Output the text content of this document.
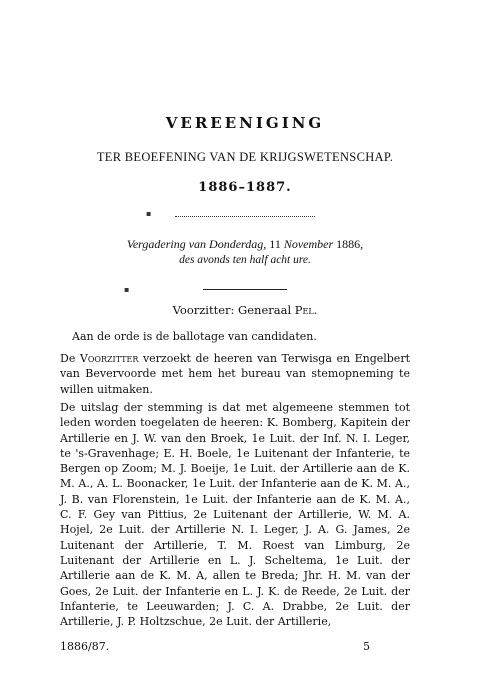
VEREENIGING
TER BEOEFENING VAN DE KRIJGSWETENSCHAP.
1886–1887.
▪
Vergadering van Donderdag, 11 November 1886,
des avonds ten half acht ure.
▪
Voorzitter: Generaal Pel.
Aan de orde is de ballotage van candidaten.
De Voorzitter verzoekt de heeren van Terwisga en Engelbert van Bevervoorde met hem het bureau van stemopneming te willen uitmaken.
De uitslag der stemming is dat met algemeene stemmen tot leden worden toegelaten de heeren: K. Bomberg, Kapitein der Artillerie en J. W. van den Broek, 1e Luit. der Inf. N. I. Leger, te 's-Gravenhage; E. H. Boele, 1e Luitenant der Infanterie, te Bergen op Zoom; M. J. Boeije, 1e Luit. der Artillerie aan de K. M. A., A. L. Boonacker, 1e Luit. der Infanterie aan de K. M. A., J. B. van Florenstein, 1e Luit. der Infanterie aan de K. M. A., C. F. Gey van Pittius, 2e Luitenant der Artillerie, W. M. A. Hojel, 2e Luit. der Artillerie N. I. Leger, J. A. G. James, 2e Luitenant der Artillerie, T. M. Roest van Limburg, 2e Luitenant der Artillerie en L. J. Scheltema, 1e Luit. der Artillerie aan de K. M. A, allen te Breda; Jhr. H. M. van der Goes, 2e Luit. der Infanterie en L. J. K. de Reede, 2e Luit. der Infanterie, te Leeuwarden; J. C. A. Drabbe, 2e Luit. der Artillerie, J. P. Holtzschue, 2e Luit. der Artillerie,
1886/87.	5
